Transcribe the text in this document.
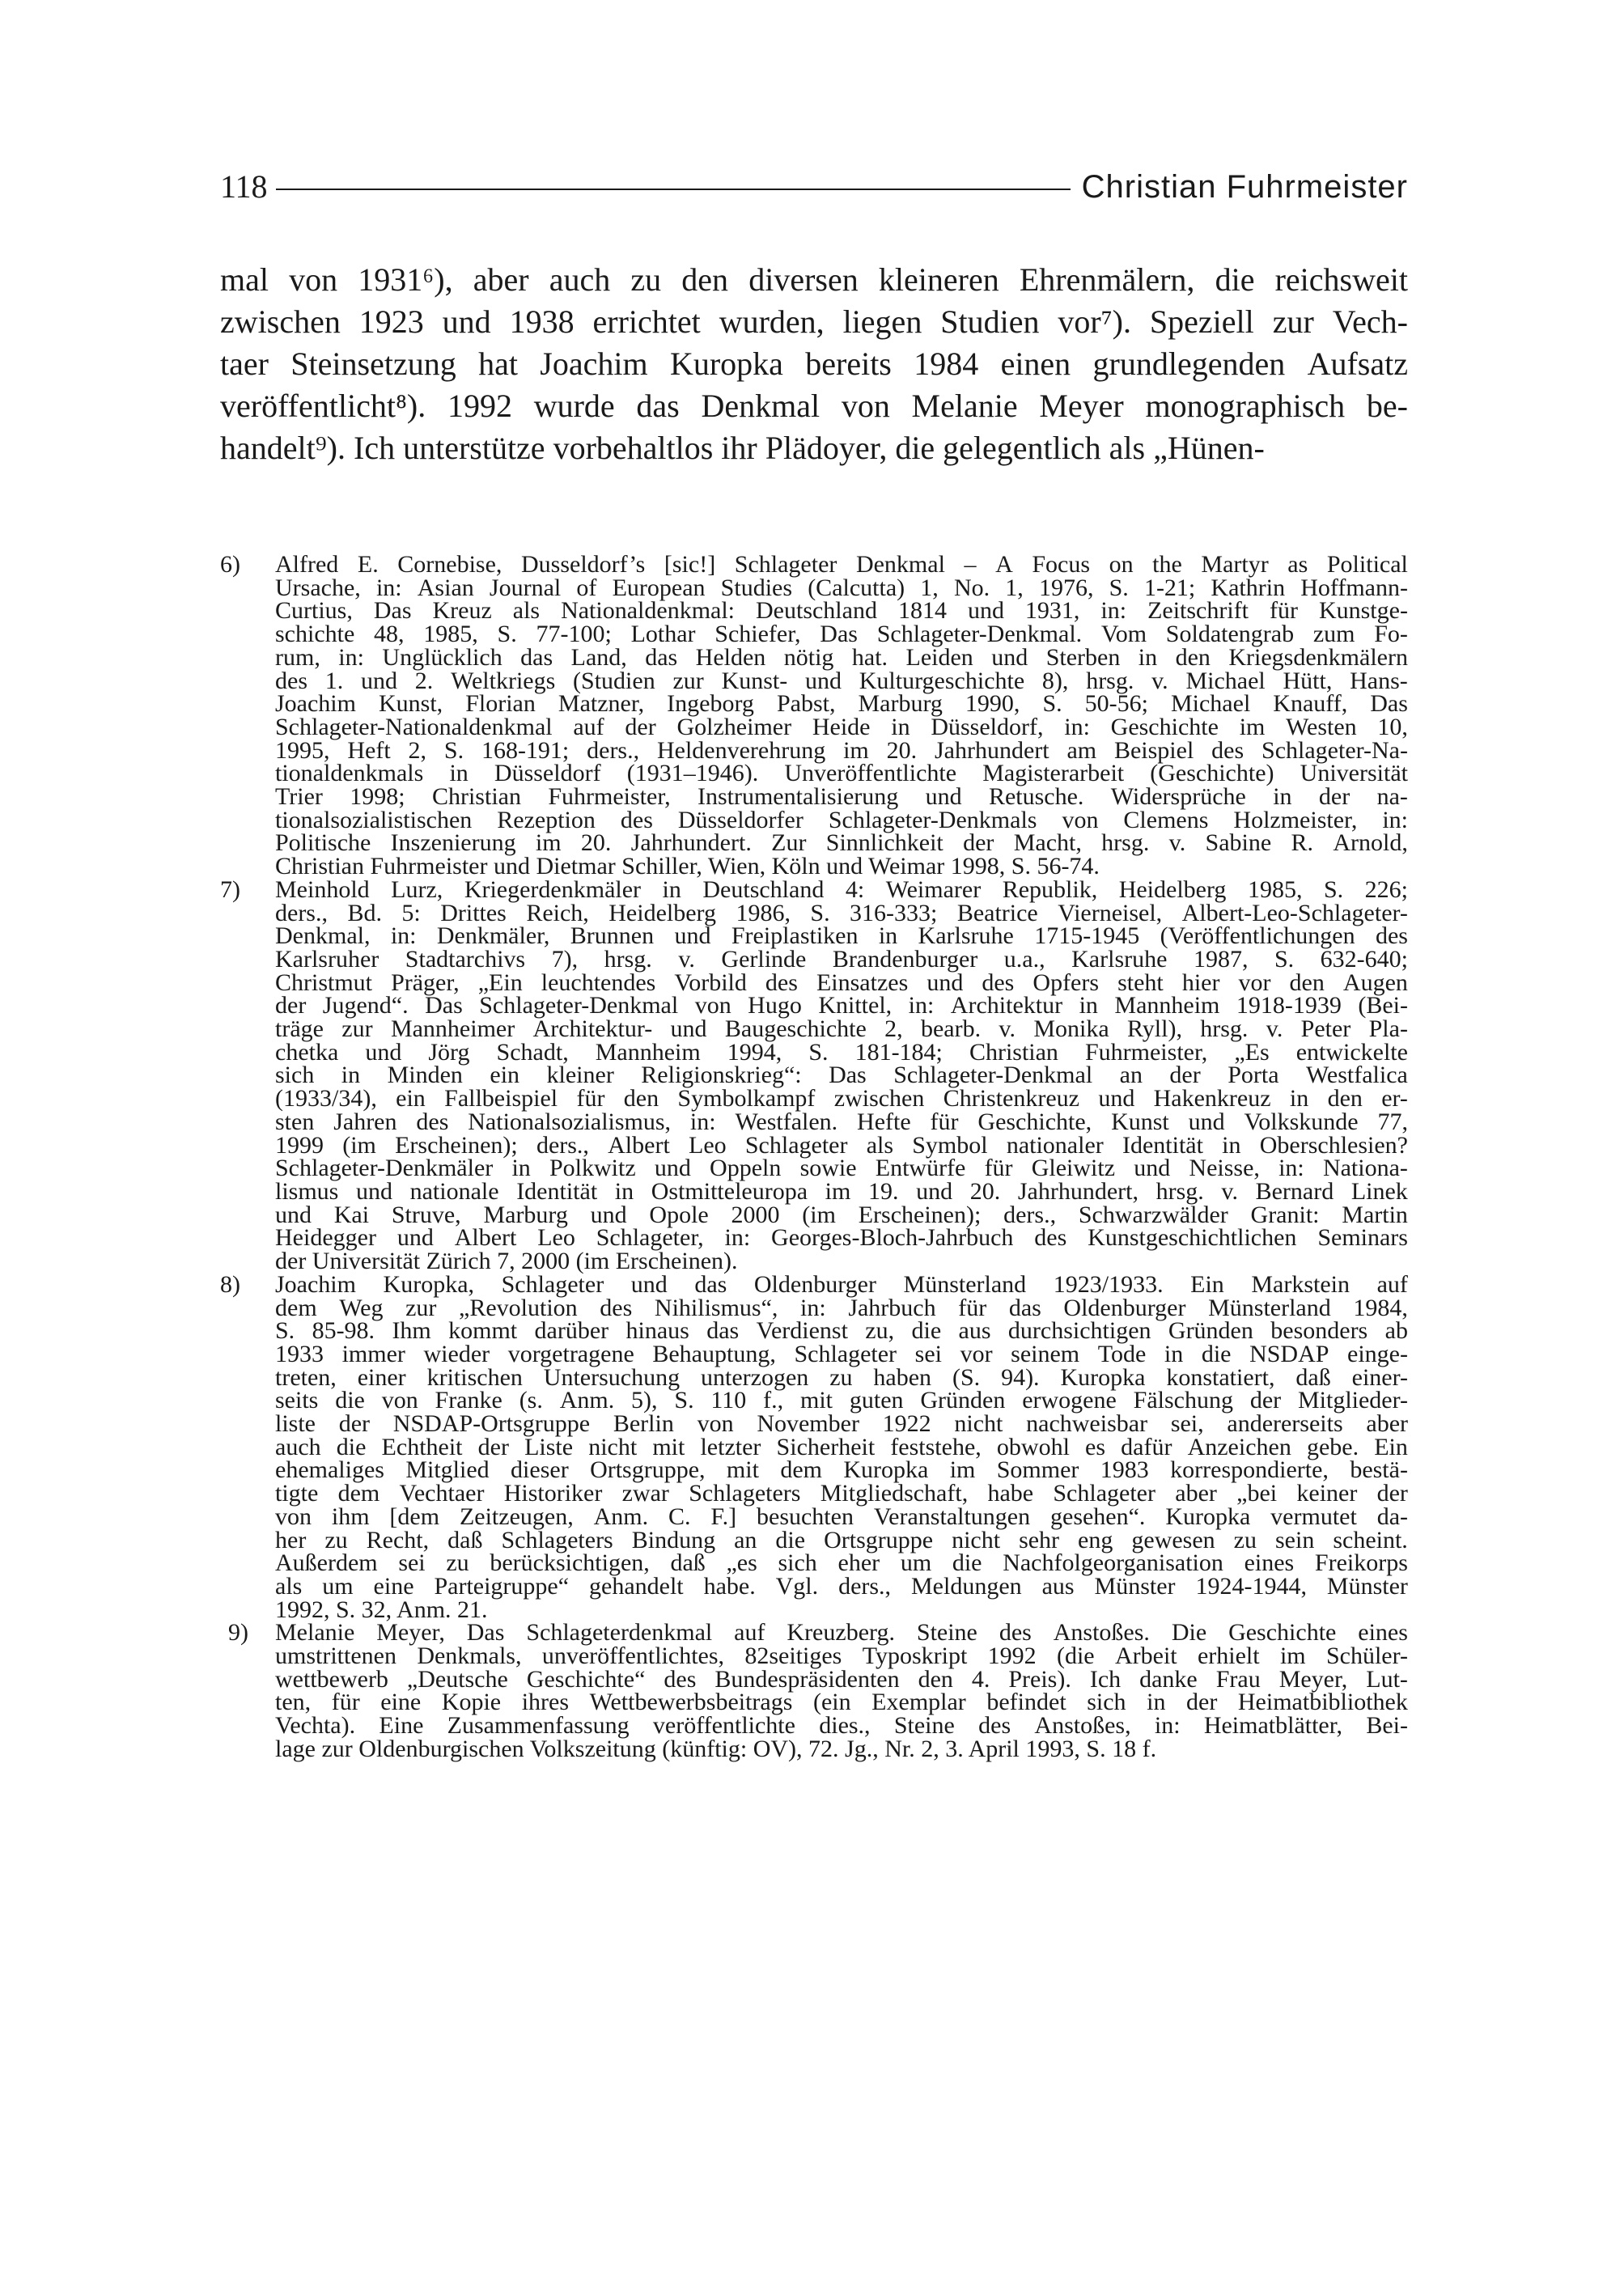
118	Christian Fuhrmeister
mal von 1931⁶), aber auch zu den diversen kleineren Ehrenmälern, die reichsweit
zwischen 1923 und 1938 errichtet wurden, liegen Studien vor⁷). Speziell zur Vech-
taer Steinsetzung hat Joachim Kuropka bereits 1984 einen grundlegenden Aufsatz
veröffentlicht⁸). 1992 wurde das Denkmal von Melanie Meyer monographisch be-
handelt⁹). Ich unterstütze vorbehaltlos ihr Plädoyer, die gelegentlich als „Hünen-
6)	Alfred E. Cornebise, Dusseldorf’s [sic!] Schlageter Denkmal – A Focus on the Martyr as Political
Ursache, in: Asian Journal of European Studies (Calcutta) 1, No. 1, 1976, S. 1-21; Kathrin Hoffmann-
Curtius, Das Kreuz als Nationaldenkmal: Deutschland 1814 und 1931, in: Zeitschrift für Kunstge-
schichte 48, 1985, S. 77-100; Lothar Schiefer, Das Schlageter-Denkmal. Vom Soldatengrab zum Fo-
rum, in: Unglücklich das Land, das Helden nötig hat. Leiden und Sterben in den Kriegsdenkmälern
des 1. und 2. Weltkriegs (Studien zur Kunst- und Kulturgeschichte 8), hrsg. v. Michael Hütt, Hans-
Joachim Kunst, Florian Matzner, Ingeborg Pabst, Marburg 1990, S. 50-56; Michael Knauff, Das
Schlageter-Nationaldenkmal auf der Golzheimer Heide in Düsseldorf, in: Geschichte im Westen 10,
1995, Heft 2, S. 168-191; ders., Heldenverehrung im 20. Jahrhundert am Beispiel des Schlageter-Na-
tionaldenkmals in Düsseldorf (1931–1946). Unveröffentlichte Magisterarbeit (Geschichte) Universität
Trier 1998; Christian Fuhrmeister, Instrumentalisierung und Retusche. Widersprüche in der na-
tionalsozialistischen Rezeption des Düsseldorfer Schlageter-Denkmals von Clemens Holzmeister, in:
Politische Inszenierung im 20. Jahrhundert. Zur Sinnlichkeit der Macht, hrsg. v. Sabine R. Arnold,
Christian Fuhrmeister und Dietmar Schiller, Wien, Köln und Weimar 1998, S. 56-74.
7)	Meinhold Lurz, Kriegerdenkmäler in Deutschland 4: Weimarer Republik, Heidelberg 1985, S. 226;
ders., Bd. 5: Drittes Reich, Heidelberg 1986, S. 316-333; Beatrice Vierneisel, Albert-Leo-Schlageter-
Denkmal, in: Denkmäler, Brunnen und Freiplastiken in Karlsruhe 1715-1945 (Veröffentlichungen des
Karlsruher Stadtarchivs 7), hrsg. v. Gerlinde Brandenburger u.a., Karlsruhe 1987, S. 632-640;
Christmut Präger, „Ein leuchtendes Vorbild des Einsatzes und des Opfers steht hier vor den Augen
der Jugend“. Das Schlageter-Denkmal von Hugo Knittel, in: Architektur in Mannheim 1918-1939 (Bei-
träge zur Mannheimer Architektur- und Baugeschichte 2, bearb. v. Monika Ryll), hrsg. v. Peter Pla-
chetka und Jörg Schadt, Mannheim 1994, S. 181-184; Christian Fuhrmeister, „Es entwickelte
sich in Minden ein kleiner Religionskrieg“: Das Schlageter-Denkmal an der Porta Westfalica
(1933/34), ein Fallbeispiel für den Symbolkampf zwischen Christenkreuz und Hakenkreuz in den er-
sten Jahren des Nationalsozialismus, in: Westfalen. Hefte für Geschichte, Kunst und Volkskunde 77,
1999 (im Erscheinen); ders., Albert Leo Schlageter als Symbol nationaler Identität in Oberschlesien?
Schlageter-Denkmäler in Polkwitz und Oppeln sowie Entwürfe für Gleiwitz und Neisse, in: Nationa-
lismus und nationale Identität in Ostmitteleuropa im 19. und 20. Jahrhundert, hrsg. v. Bernard Linek
und Kai Struve, Marburg und Opole 2000 (im Erscheinen); ders., Schwarzwälder Granit: Martin
Heidegger und Albert Leo Schlageter, in: Georges-Bloch-Jahrbuch des Kunstgeschichtlichen Seminars
der Universität Zürich 7, 2000 (im Erscheinen).
8)	Joachim Kuropka, Schlageter und das Oldenburger Münsterland 1923/1933. Ein Markstein auf
dem Weg zur „Revolution des Nihilismus“, in: Jahrbuch für das Oldenburger Münsterland 1984,
S. 85-98. Ihm kommt darüber hinaus das Verdienst zu, die aus durchsichtigen Gründen besonders ab
1933 immer wieder vorgetragene Behauptung, Schlageter sei vor seinem Tode in die NSDAP einge-
treten, einer kritischen Untersuchung unterzogen zu haben (S. 94). Kuropka konstatiert, daß einer-
seits die von Franke (s. Anm. 5), S. 110 f., mit guten Gründen erwogene Fälschung der Mitglieder-
liste der NSDAP-Ortsgruppe Berlin von November 1922 nicht nachweisbar sei, andererseits aber
auch die Echtheit der Liste nicht mit letzter Sicherheit feststehe, obwohl es dafür Anzeichen gebe. Ein
ehemaliges Mitglied dieser Ortsgruppe, mit dem Kuropka im Sommer 1983 korrespondierte, bestä-
tigte dem Vechtaer Historiker zwar Schlageters Mitgliedschaft, habe Schlageter aber „bei keiner der
von ihm [dem Zeitzeugen, Anm. C. F.] besuchten Veranstaltungen gesehen“. Kuropka vermutet da-
her zu Recht, daß Schlageters Bindung an die Ortsgruppe nicht sehr eng gewesen zu sein scheint.
Außerdem sei zu berücksichtigen, daß „es sich eher um die Nachfolgeorganisation eines Freikorps
als um eine Parteigruppe“ gehandelt habe. Vgl. ders., Meldungen aus Münster 1924-1944, Münster
1992, S. 32, Anm. 21.
9)	Melanie Meyer, Das Schlageterdenkmal auf Kreuzberg. Steine des Anstoßes. Die Geschichte eines
umstrittenen Denkmals, unveröffentlichtes, 82seitiges Typoskript 1992 (die Arbeit erhielt im Schüler-
wettbewerb „Deutsche Geschichte“ des Bundespräsidenten den 4. Preis). Ich danke Frau Meyer, Lut-
ten, für eine Kopie ihres Wettbewerbsbeitrags (ein Exemplar befindet sich in der Heimatbibliothek
Vechta). Eine Zusammenfassung veröffentlichte dies., Steine des Anstoßes, in: Heimatblätter, Bei-
lage zur Oldenburgischen Volkszeitung (künftig: OV), 72. Jg., Nr. 2, 3. April 1993, S. 18 f.
